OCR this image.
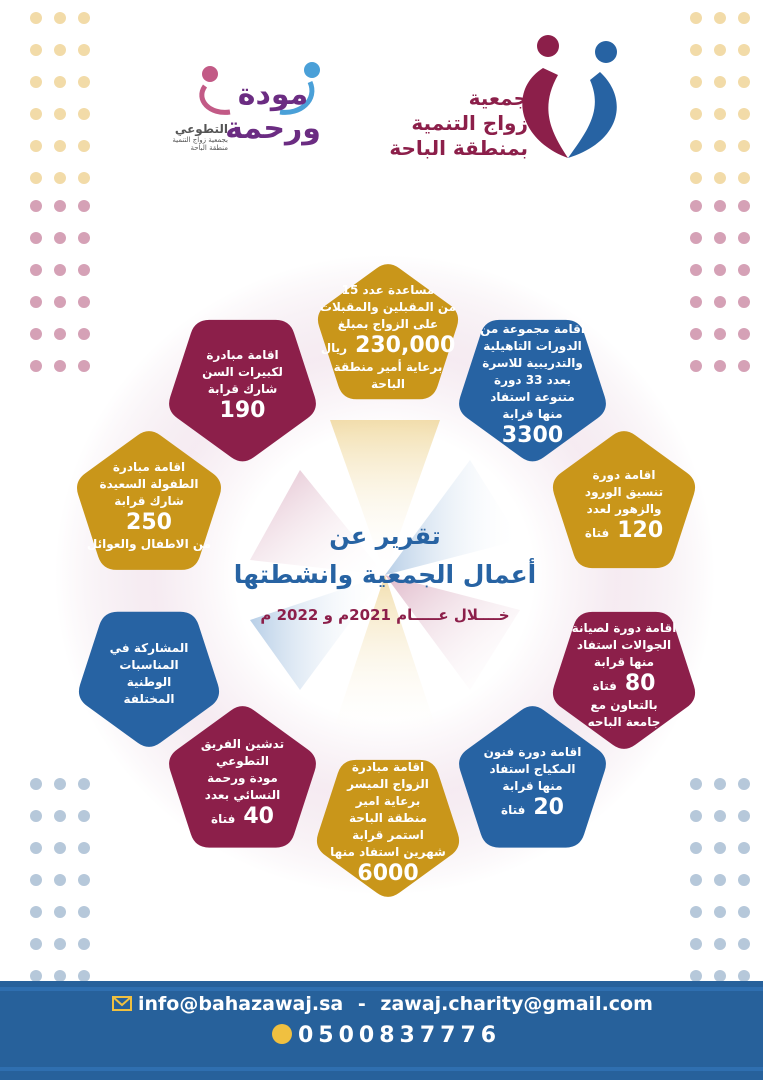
جمعية
زواج التنمية
بمنطقة الباحة
مودة
ورحمة
التطوعي
بجمعية زواج التنمية
منطقة الباحة
مساعدة عدد 15
من المقبلين والمقبلات
على الزواج بمبلغ
230,000ريال
برعاية أمير منطقة
الباحة
اقامة مجموعة من
الدورات التاهيلية
والتدريبية للاسرة
بعدد 33 دورة
متنوعة استفاد
منها قرابة
3300
اقامة دورة
تنسيق الورود
والزهور لعدد
120فتاة
اقامة دورة لصيانة
الجوالات استفاد
منها قرابة
80فتاة
بالتعاون مع
جامعة الباحه
اقامة دورة فنون
المكياج استفاد
منها قرابة
20فتاة
اقامة مبادرة
الزواج الميسر
برعاية امير
منطقة الباحة
استمر قرابة
شهرين استفاد منها
6000
تدشين الفريق
التطوعي
مودة ورحمة
النسائي بعدد
40فتاة
المشاركة في
المناسبات
الوطنية
المختلفة
اقامة مبادرة
الطفولة السعيدة
شارك قرابة
250
من الاطفال والعوائل
اقامة مبادرة
لكبيرات السن
شارك قرابة
190
تقرير عن
أعمال الجمعية وانشطتها
خــــلال عـــــام 2021م و 2022 م
info@bahazawaj.sa - zawaj.charity@gmail.com
0500837776
